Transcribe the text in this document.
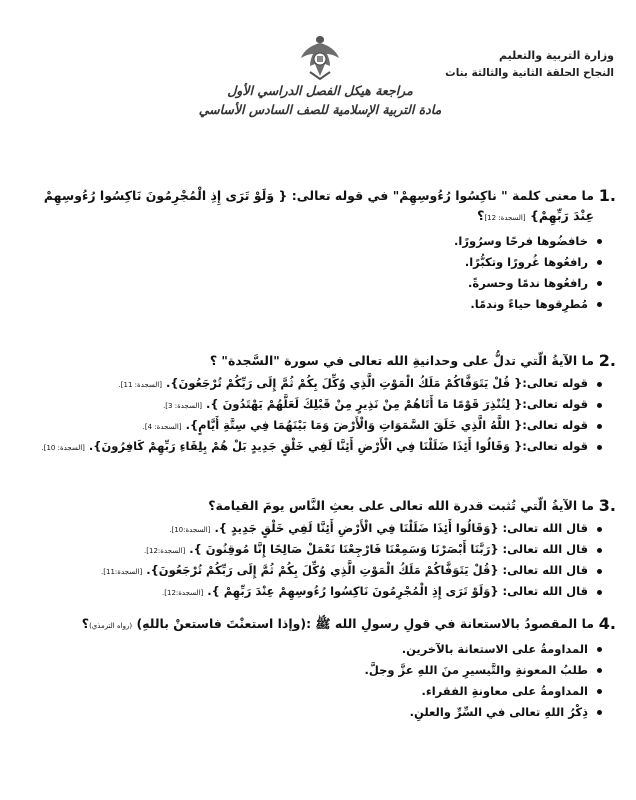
وزارة التربية والتعليم
النجاح الحلقة الثانية والثالثة بنات
مراجعة هيكل الفصل الدراسي الأول
مادة التربية الإسلامية للصف السادس الأساسي
1.
ما معنى كلمة " ناكِسُوا رُءُوسِهِمْ" في قوله تعالى: { وَلَوْ تَرَى إِذِ الْمُجْرِمُونَ نَاكِسُوا رُءُوسِهِمْ عِنْدَ رَبِّهِمْ} [السجدة: 12]؟
خافضُوها فرحًا وسرُورًا.
رافعُوها غُرورًا وتكبُّرًا.
رافعُوها ندمًا وحسرةً.
مُطرِقوها حياءً وندمًا.
2.
ما الآيةُ الّتي تدلُّ على وحدانيةِ الله تعالى في سورة "السَّجدة" ؟
قوله تعالى:{ قُلْ يَتَوَفَّاكُمْ مَلَكُ الْمَوْتِ الَّذِي وُكِّلَ بِكُمْ ثُمَّ إِلَى رَبِّكُمْ تُرْجَعُونَ}. [السجدة: 11].
قوله تعالى:{ لِتُنْذِرَ قَوْمًا مَا أَتَاهُمْ مِنْ نَذِيرٍ مِنْ قَبْلِكَ لَعَلَّهُمْ يَهْتَدُونَ }. [السجدة: 3].
قوله تعالى:{ اللَّهُ الَّذِي خَلَقَ السَّمَوَاتِ وَالْأَرْضَ وَمَا بَيْنَهُمَا فِي سِتَّةِ أَيَّامٍ}. [السجدة: 4].
قوله تعالى:{ وَقَالُوا أَئِذَا ضَلَلْنَا فِي الْأَرْضِ أَئِنَّا لَفِي خَلْقٍ جَدِيدٍ بَلْ هُمْ بِلِقَاءِ رَبِّهِمْ كَافِرُونَ}. [السجدة: 10].
3.
ما الآيةُ الّتي تُثبت قدرة الله تعالى على بعثِ النَّاس يومَ القيامة؟
قال الله تعالى: {وَقَالُوا أَئِذَا ضَلَلْنَا فِي الْأَرْضِ أَئِنَّا لَفِي خَلْقٍ جَدِيدٍ }. [السجدة:10].
قال الله تعالى: {رَبَّنَا أَبْصَرْنَا وَسَمِعْنَا فَارْجِعْنَا نَعْمَلْ صَالِحًا إِنَّا مُوقِنُونَ }. [السجدة:12].
قال الله تعالى: {قُلْ يَتَوَفَّاكُمْ مَلَكُ الْمَوْتِ الَّذِي وُكِّلَ بِكُمْ ثُمَّ إِلَى رَبِّكُمْ تُرْجَعُونَ}. [السجدة:11].
قال الله تعالى: {وَلَوْ تَرَى إِذِ الْمُجْرِمُونَ نَاكِسُوا رُءُوسِهِمْ عِنْدَ رَبِّهِمْ }. [السجدة:12].
4.
ما المقصودُ بالاستعانة في قولِ رسولِ الله ﷺ :(وإذا استعنْتَ فاستعنْ باللهِ) (رواه الترمذي)؟
المداومةُ على الاستعانة بالآخرين.
طلبُ المعونةِ والتَّيسيرِ منَ اللهِ عزَّ وجلَّ.
المداومةُ على معاونةِ الفقراء.
ذِكْرُ اللهِ تعالى في السِّرِّ والعلنِ.
